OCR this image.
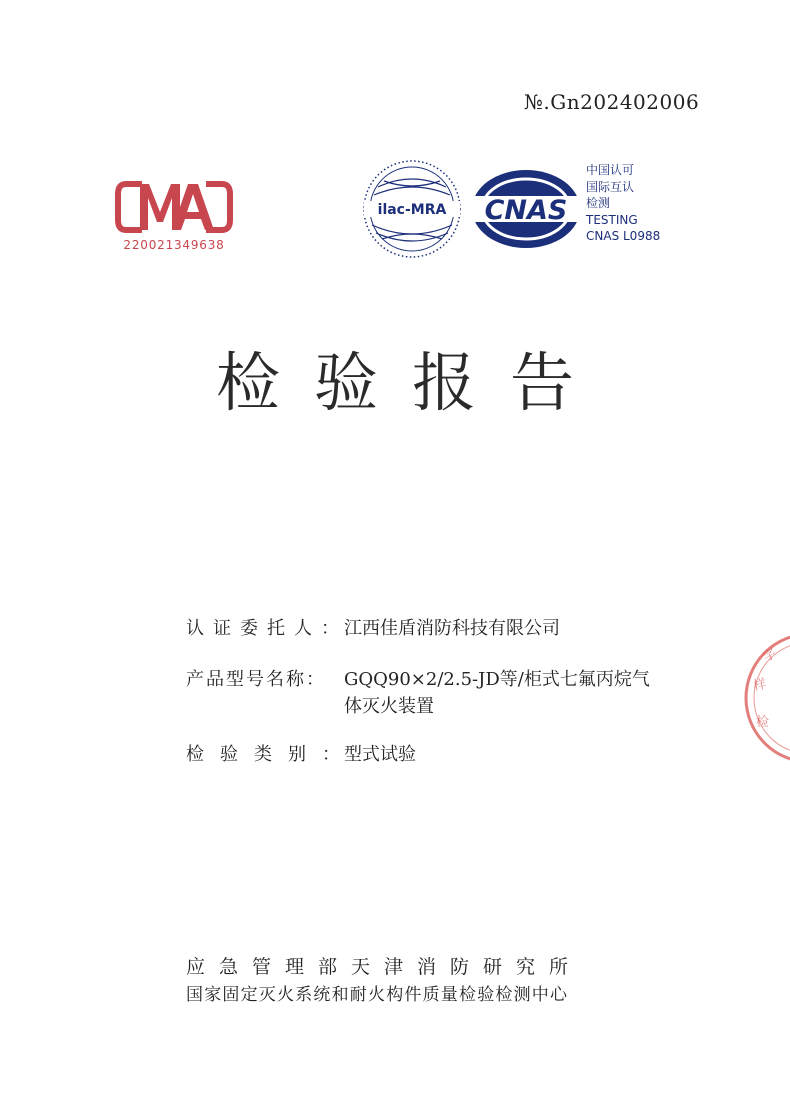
№.Gn202402006
220021349638
ilac-MRA CNAS
中国认可
国际互认
检测
TESTING
CNAS L0988
检验报告
认证委托人：
江西佳盾消防科技有限公司
产品型号名称： GQQ90×2/2.5-JD等/柜式七氟丙烷气体灭火装置
检验类别：
型式试验
应急管理部天津消防研究所
国家固定灭火系统和耐火构件质量检验检测中心
字
样
检
